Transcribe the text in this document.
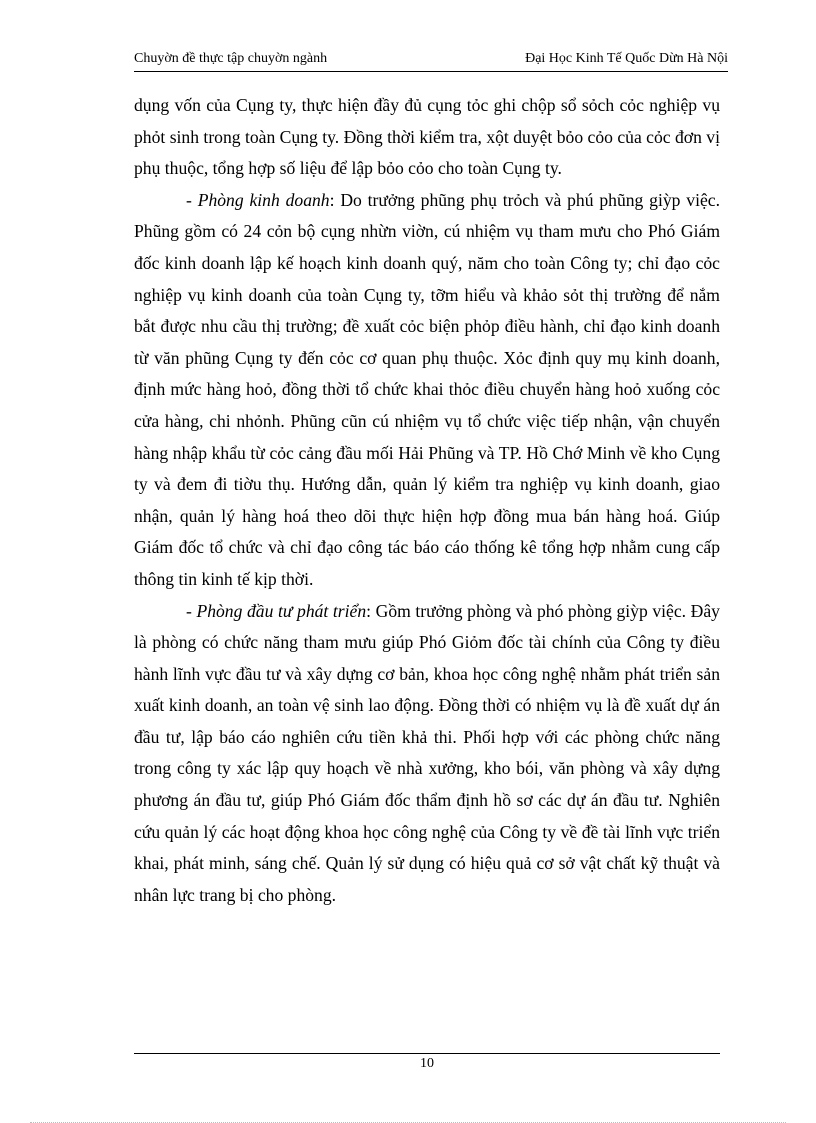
Chuyờn đề thực tập chuyờn ngành	Đại Học Kinh Tế Quốc Dừn Hà Nội

dụng vốn của Cụng ty, thực hiện đầy đủ cụng tỏc ghi chộp sổ sỏch cỏc nghiệp vụ phỏt sinh trong toàn Cụng ty. Đồng thời kiểm tra, xột duyệt bỏo cỏo của cỏc đơn vị phụ thuộc, tổng hợp số liệu để lập bỏo cỏo cho toàn Cụng ty.

- Phòng kinh doanh: Do trưởng phũng phụ trỏch và phú phũng giỳp việc. Phũng gồm có 24 cỏn bộ cụng nhừn viờn, cú nhiệm vụ tham mưu cho Phó Giám đốc kinh doanh lập kế hoạch kinh doanh quý, năm cho toàn Công ty; chỉ đạo cỏc nghiệp vụ kinh doanh của toàn Cụng ty, tỡm hiểu và khảo sỏt thị trường để nắm bắt được nhu cầu thị trường; đề xuất cỏc biện phỏp điều hành, chỉ đạo kinh doanh từ văn phũng Cụng ty đến cỏc cơ quan phụ thuộc. Xỏc định quy mụ kinh doanh, định mức hàng hoỏ, đồng thời tổ chức khai thỏc điều chuyển hàng hoỏ xuống cỏc cửa hàng, chi nhỏnh. Phũng cũn cú nhiệm vụ tổ chức việc tiếp nhận, vận chuyển hàng nhập khẩu từ cỏc cảng đầu mối Hải Phũng và TP. Hồ Chớ Minh về kho Cụng ty và đem đi tiờu thụ. Hướng dẫn, quản lý kiểm tra nghiệp vụ kinh doanh, giao nhận, quản lý hàng hoá theo dõi thực hiện hợp đồng mua bán hàng hoá. Giúp Giám đốc tổ chức và chỉ đạo công tác báo cáo thống kê tổng hợp nhằm cung cấp thông tin kinh tế kịp thời.

- Phòng đầu tư phát triển: Gồm trưởng phòng và phó phòng giỳp việc. Đây là phòng có chức năng tham mưu giúp Phó Giỏm đốc tài chính của Công ty điều hành lĩnh vực đầu tư và xây dựng cơ bản, khoa học công nghệ nhằm phát triển sản xuất kinh doanh, an toàn vệ sinh lao động. Đồng thời có nhiệm vụ là đề xuất dự án đầu tư, lập báo cáo nghiên cứu tiền khả thi. Phối hợp với các phòng chức năng trong công ty xác lập quy hoạch về nhà xưởng, kho bói, văn phòng và xây dựng phương án đầu tư, giúp Phó Giám đốc thẩm định hồ sơ các dự án đầu tư. Nghiên cứu quản lý các hoạt động khoa học công nghệ của Công ty về đề tài lĩnh vực triển khai, phát minh, sáng chế. Quản lý sử dụng có hiệu quả cơ sở vật chất kỹ thuật và nhân lực trang bị cho phòng.

10
